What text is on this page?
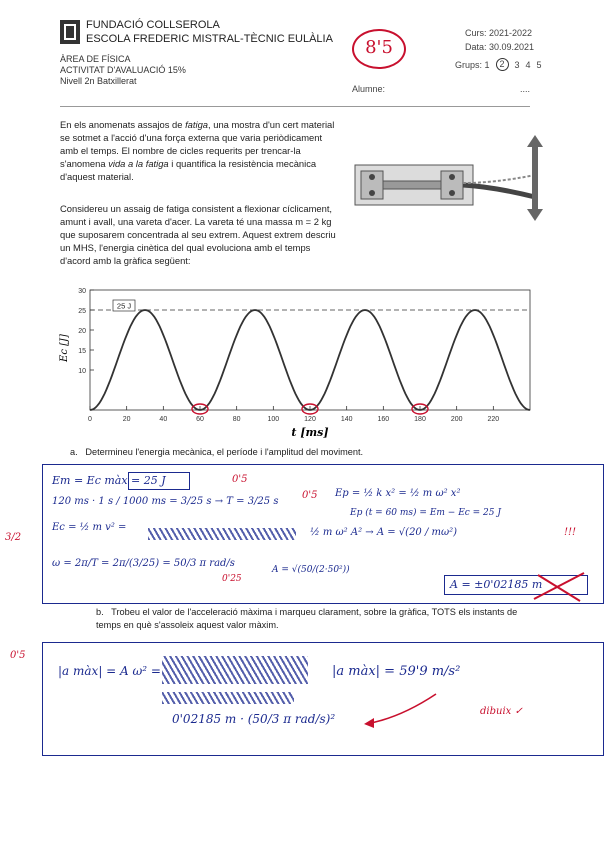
FUNDACIÓ COLLSEROLA
ESCOLA FREDERIC MISTRAL-TÈCNIC EULÀLIA
ÀREA DE FÍSICA
ACTIVITAT D'AVALUACIÓ 15%
Nivell 2n Batxillerat
Curs: 2021-2022
Data: 30.09.2021
Grups: 1	2	3 4 5
Alumne:	....
8'5
En els anomenats assajos de fatiga, una mostra d'un cert material se sotmet a l'acció d'una força externa que varia periòdicament amb el temps. El nombre de cicles requerits per trencar-la s'anomena vida a la fatiga i quantifica la resistència mecànica d'aquest material.
Considereu un assaig de fatiga consistent a flexionar cíclicament, amunt i avall, una vareta d'acer. La vareta té una massa m = 2 kg que suposarem concentrada al seu extrem. Aquest extrem descriu un MHS, l'energia cinètica del qual evoluciona amb el temps d'acord amb la gràfica següent:
0	20	40	60	80	100	120	140	160	180	200	220
10
15
20
25
30
25 J
Ec [J]
t [ms]
a. Determineu l'energia mecànica, el període i l'amplitud del moviment.
Em = Ec màx = 25 J	0'5
120 ms · 1 s / 1000 ms = 3/25 s → T = 3/25 s
0'5 Ep = ½ k x² = ½ m ω² x²
Ep (t = 60 ms) = Em − Ec = 25 J
Ec = ½ m v² =
3/2	½ m ω² A² → A = √(20 / mω²)	!!!
ω = 2π/T = 2π/(3/25) = 50/3 π rad/s
0'25
A = √(50/(2·50²))
A = ±0'02185 m
b. Trobeu el valor de l'acceleració màxima i marqueu clarament, sobre la gràfica, TOTS els instants de temps en què s'assoleix aquest valor màxim.
0'5
|a màx| = A ω² =
0'02185 m · (50/3 π rad/s)²
|a màx| = 59'9 m/s²
dibuix ✓
